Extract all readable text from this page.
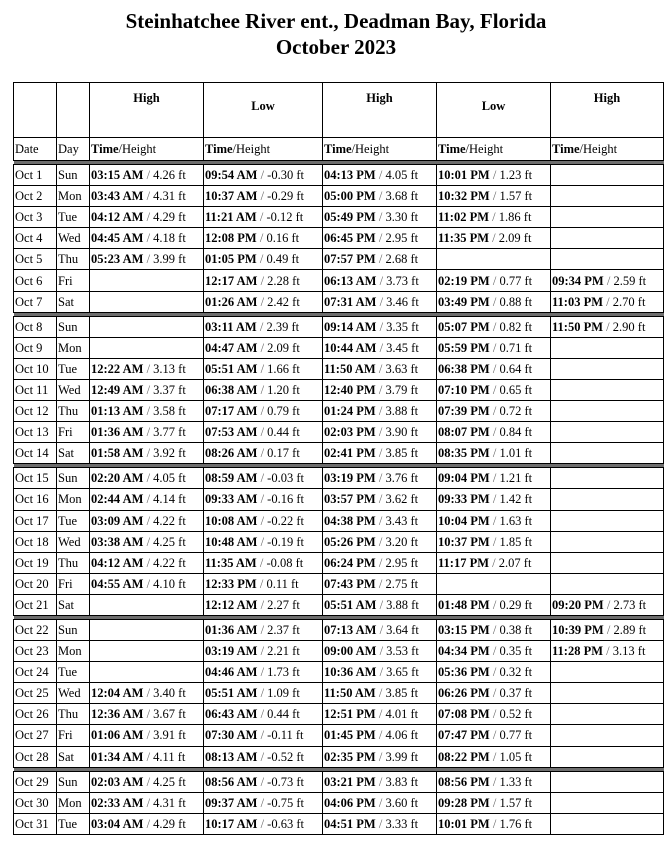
Steinhatchee River ent., Deadman Bay, Florida
October 2023
		High	Low	High	Low	High
Date	Day	Time/Height	Time/Height	Time/Height	Time/Height	Time/Height

Oct 1	Sun	03:15 AM / 4.26 ft	09:54 AM / -0.30 ft	04:13 PM / 4.05 ft	10:01 PM / 1.23 ft	
Oct 2	Mon	03:43 AM / 4.31 ft	10:37 AM / -0.29 ft	05:00 PM / 3.68 ft	10:32 PM / 1.57 ft	
Oct 3	Tue	04:12 AM / 4.29 ft	11:21 AM / -0.12 ft	05:49 PM / 3.30 ft	11:02 PM / 1.86 ft	
Oct 4	Wed	04:45 AM / 4.18 ft	12:08 PM / 0.16 ft	06:45 PM / 2.95 ft	11:35 PM / 2.09 ft	
Oct 5	Thu	05:23 AM / 3.99 ft	01:05 PM / 0.49 ft	07:57 PM / 2.68 ft		
Oct 6	Fri		12:17 AM / 2.28 ft	06:13 AM / 3.73 ft	02:19 PM / 0.77 ft	09:34 PM / 2.59 ft
Oct 7	Sat		01:26 AM / 2.42 ft	07:31 AM / 3.46 ft	03:49 PM / 0.88 ft	11:03 PM / 2.70 ft

Oct 8	Sun		03:11 AM / 2.39 ft	09:14 AM / 3.35 ft	05:07 PM / 0.82 ft	11:50 PM / 2.90 ft
Oct 9	Mon		04:47 AM / 2.09 ft	10:44 AM / 3.45 ft	05:59 PM / 0.71 ft	
Oct 10	Tue	12:22 AM / 3.13 ft	05:51 AM / 1.66 ft	11:50 AM / 3.63 ft	06:38 PM / 0.64 ft	
Oct 11	Wed	12:49 AM / 3.37 ft	06:38 AM / 1.20 ft	12:40 PM / 3.79 ft	07:10 PM / 0.65 ft	
Oct 12	Thu	01:13 AM / 3.58 ft	07:17 AM / 0.79 ft	01:24 PM / 3.88 ft	07:39 PM / 0.72 ft	
Oct 13	Fri	01:36 AM / 3.77 ft	07:53 AM / 0.44 ft	02:03 PM / 3.90 ft	08:07 PM / 0.84 ft	
Oct 14	Sat	01:58 AM / 3.92 ft	08:26 AM / 0.17 ft	02:41 PM / 3.85 ft	08:35 PM / 1.01 ft	

Oct 15	Sun	02:20 AM / 4.05 ft	08:59 AM / -0.03 ft	03:19 PM / 3.76 ft	09:04 PM / 1.21 ft	
Oct 16	Mon	02:44 AM / 4.14 ft	09:33 AM / -0.16 ft	03:57 PM / 3.62 ft	09:33 PM / 1.42 ft	
Oct 17	Tue	03:09 AM / 4.22 ft	10:08 AM / -0.22 ft	04:38 PM / 3.43 ft	10:04 PM / 1.63 ft	
Oct 18	Wed	03:38 AM / 4.25 ft	10:48 AM / -0.19 ft	05:26 PM / 3.20 ft	10:37 PM / 1.85 ft	
Oct 19	Thu	04:12 AM / 4.22 ft	11:35 AM / -0.08 ft	06:24 PM / 2.95 ft	11:17 PM / 2.07 ft	
Oct 20	Fri	04:55 AM / 4.10 ft	12:33 PM / 0.11 ft	07:43 PM / 2.75 ft		
Oct 21	Sat		12:12 AM / 2.27 ft	05:51 AM / 3.88 ft	01:48 PM / 0.29 ft	09:20 PM / 2.73 ft

Oct 22	Sun		01:36 AM / 2.37 ft	07:13 AM / 3.64 ft	03:15 PM / 0.38 ft	10:39 PM / 2.89 ft
Oct 23	Mon		03:19 AM / 2.21 ft	09:00 AM / 3.53 ft	04:34 PM / 0.35 ft	11:28 PM / 3.13 ft
Oct 24	Tue		04:46 AM / 1.73 ft	10:36 AM / 3.65 ft	05:36 PM / 0.32 ft	
Oct 25	Wed	12:04 AM / 3.40 ft	05:51 AM / 1.09 ft	11:50 AM / 3.85 ft	06:26 PM / 0.37 ft	
Oct 26	Thu	12:36 AM / 3.67 ft	06:43 AM / 0.44 ft	12:51 PM / 4.01 ft	07:08 PM / 0.52 ft	
Oct 27	Fri	01:06 AM / 3.91 ft	07:30 AM / -0.11 ft	01:45 PM / 4.06 ft	07:47 PM / 0.77 ft	
Oct 28	Sat	01:34 AM / 4.11 ft	08:13 AM / -0.52 ft	02:35 PM / 3.99 ft	08:22 PM / 1.05 ft	

Oct 29	Sun	02:03 AM / 4.25 ft	08:56 AM / -0.73 ft	03:21 PM / 3.83 ft	08:56 PM / 1.33 ft	
Oct 30	Mon	02:33 AM / 4.31 ft	09:37 AM / -0.75 ft	04:06 PM / 3.60 ft	09:28 PM / 1.57 ft	
Oct 31	Tue	03:04 AM / 4.29 ft	10:17 AM / -0.63 ft	04:51 PM / 3.33 ft	10:01 PM / 1.76 ft	
